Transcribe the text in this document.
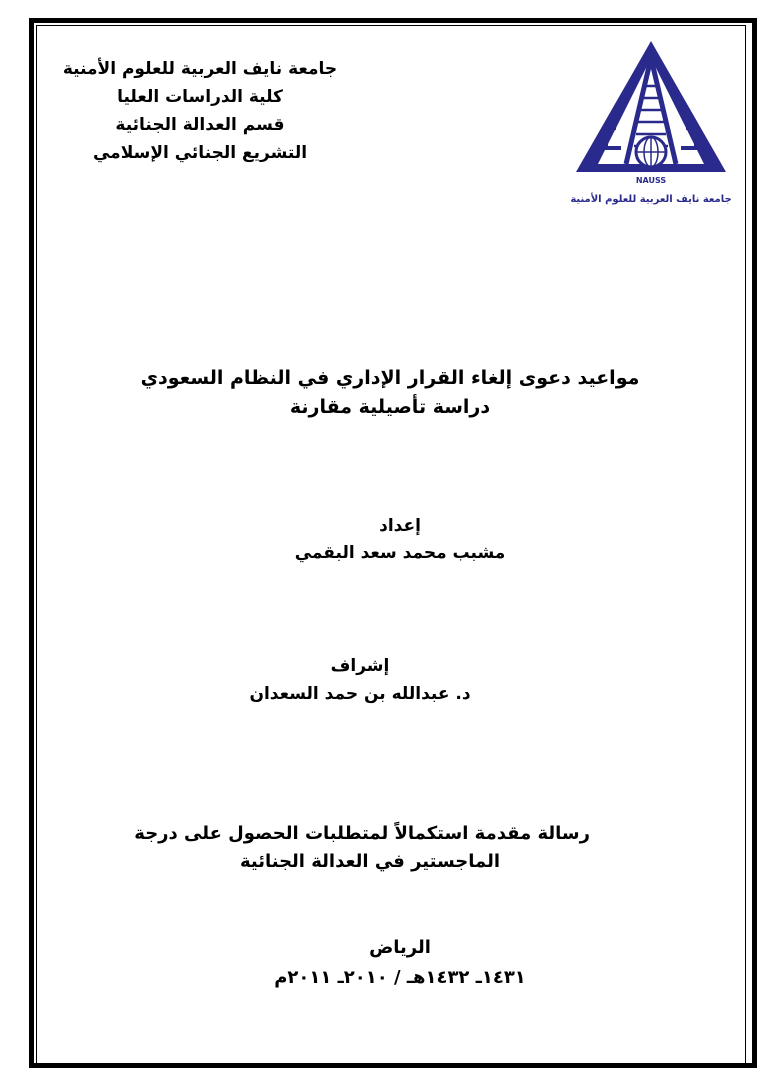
جامعة نايف العربية للعلوم الأمنية
كلية الدراسات العليا
قسم العدالة الجنائية
التشريع الجنائي الإسلامي
NAUSS
جامعة نايف العربية للعلوم الأمنية
مواعيد دعوى إلغاء القرار الإداري في النظام السعودي
دراسة تأصيلية مقارنة
إعداد
مشبب محمد سعد البقمي
إشراف
د. عبدالله بن حمد السعدان
رسالة مقدمة استكمالاً لمتطلبات الحصول على درجة
الماجستير في العدالة الجنائية
الرياض
١٤٣١ـ ١٤٣٢هـ / ٢٠١٠ـ ٢٠١١م
